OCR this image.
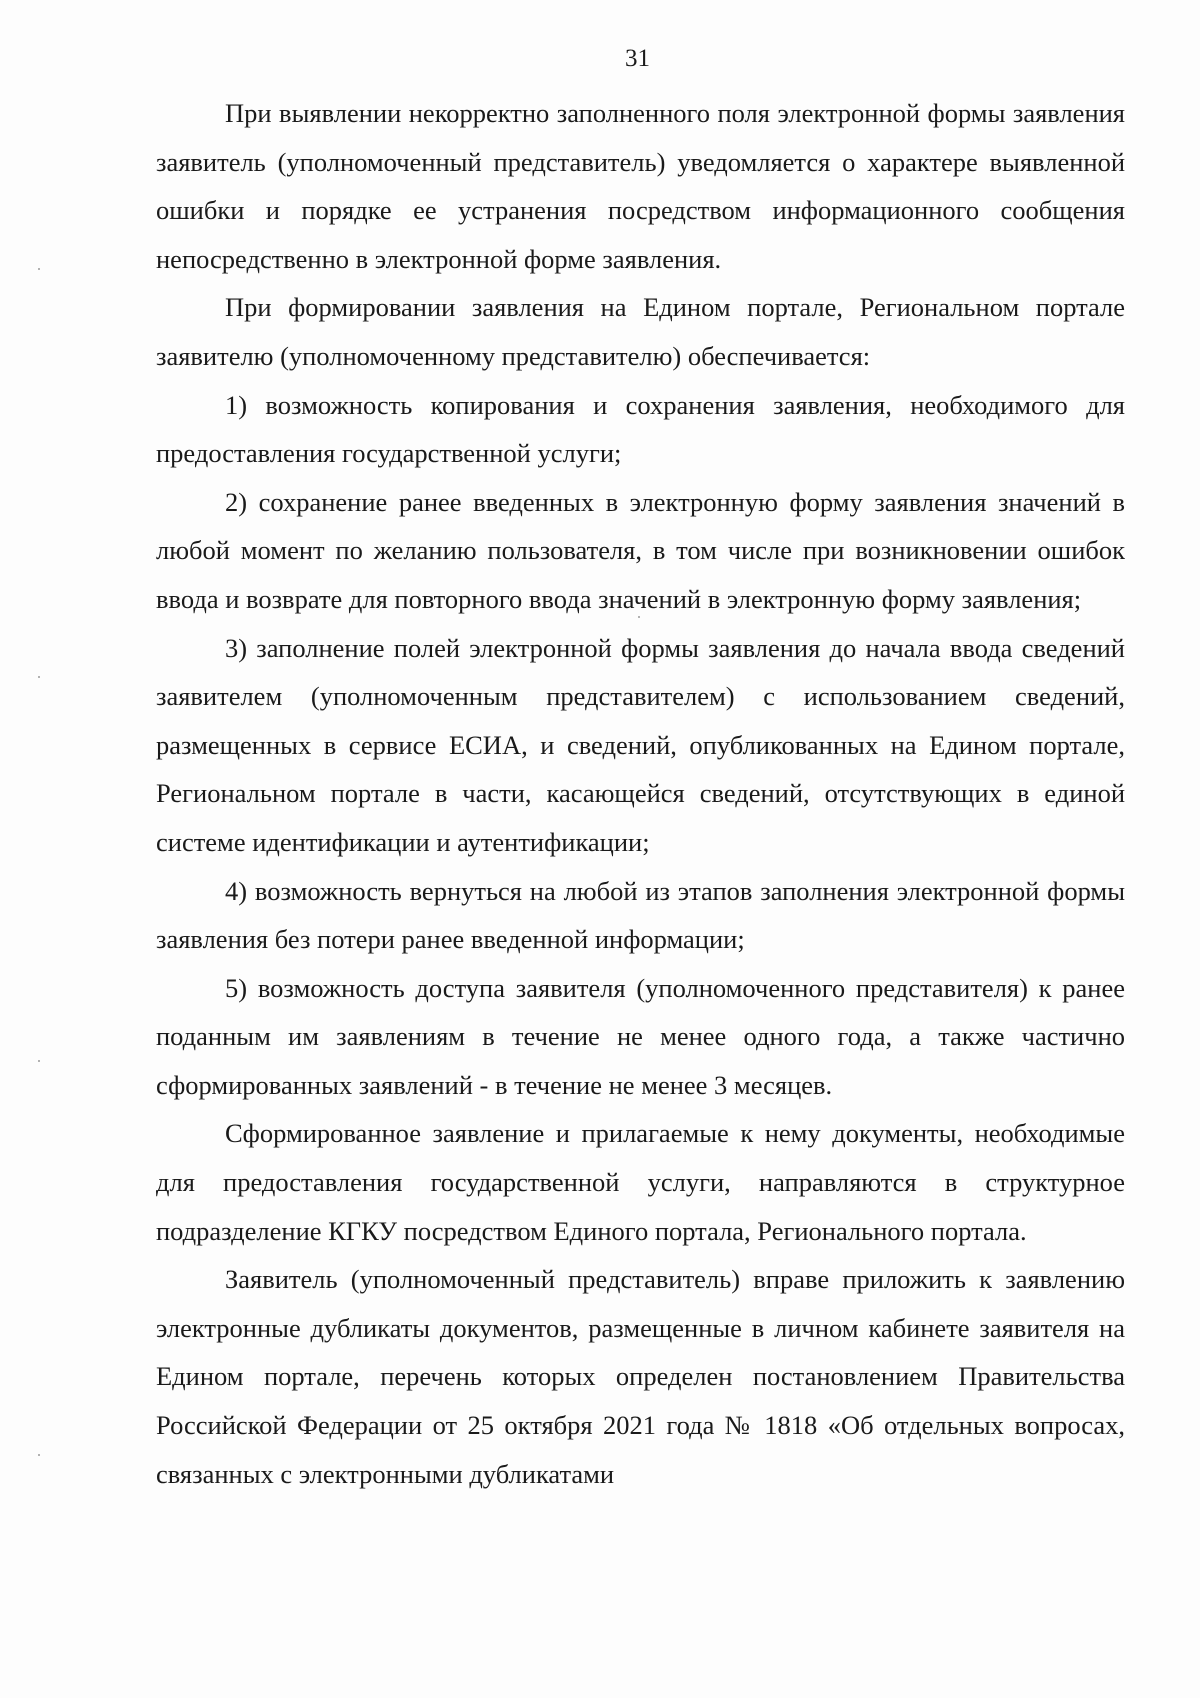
31

При выявлении некорректно заполненного поля электронной формы заявления заявитель (уполномоченный представитель) уведомляется о характере выявленной ошибки и порядке ее устранения посредством информационного сообщения непосредственно в электронной форме заявления.

При формировании заявления на Едином портале, Региональном портале заявителю (уполномоченному представителю) обеспечивается:

1) возможность копирования и сохранения заявления, необходимого для предоставления государственной услуги;

2) сохранение ранее введенных в электронную форму заявления значений в любой момент по желанию пользователя, в том числе при возникновении ошибок ввода и возврате для повторного ввода значений в электронную форму заявления;

3) заполнение полей электронной формы заявления до начала ввода сведений заявителем (уполномоченным представителем) с использованием сведений, размещенных в сервисе ЕСИА, и сведений, опубликованных на Едином портале, Региональном портале в части, касающейся сведений, отсутствующих в единой системе идентификации и аутентификации;

4) возможность вернуться на любой из этапов заполнения электронной формы заявления без потери ранее введенной информации;

5) возможность доступа заявителя (уполномоченного представителя) к ранее поданным им заявлениям в течение не менее одного года, а также частично сформированных заявлений - в течение не менее 3 месяцев.

Сформированное заявление и прилагаемые к нему документы, необходимые для предоставления государственной услуги, направляются в структурное подразделение КГКУ посредством Единого портала, Регионального портала.

Заявитель (уполномоченный представитель) вправе приложить к заявлению электронные дубликаты документов, размещенные в личном кабинете заявителя на Едином портале, перечень которых определен постановлением Правительства Российской Федерации от 25 октября 2021 года № 1818 «Об отдельных вопросах, связанных с электронными дубликатами
